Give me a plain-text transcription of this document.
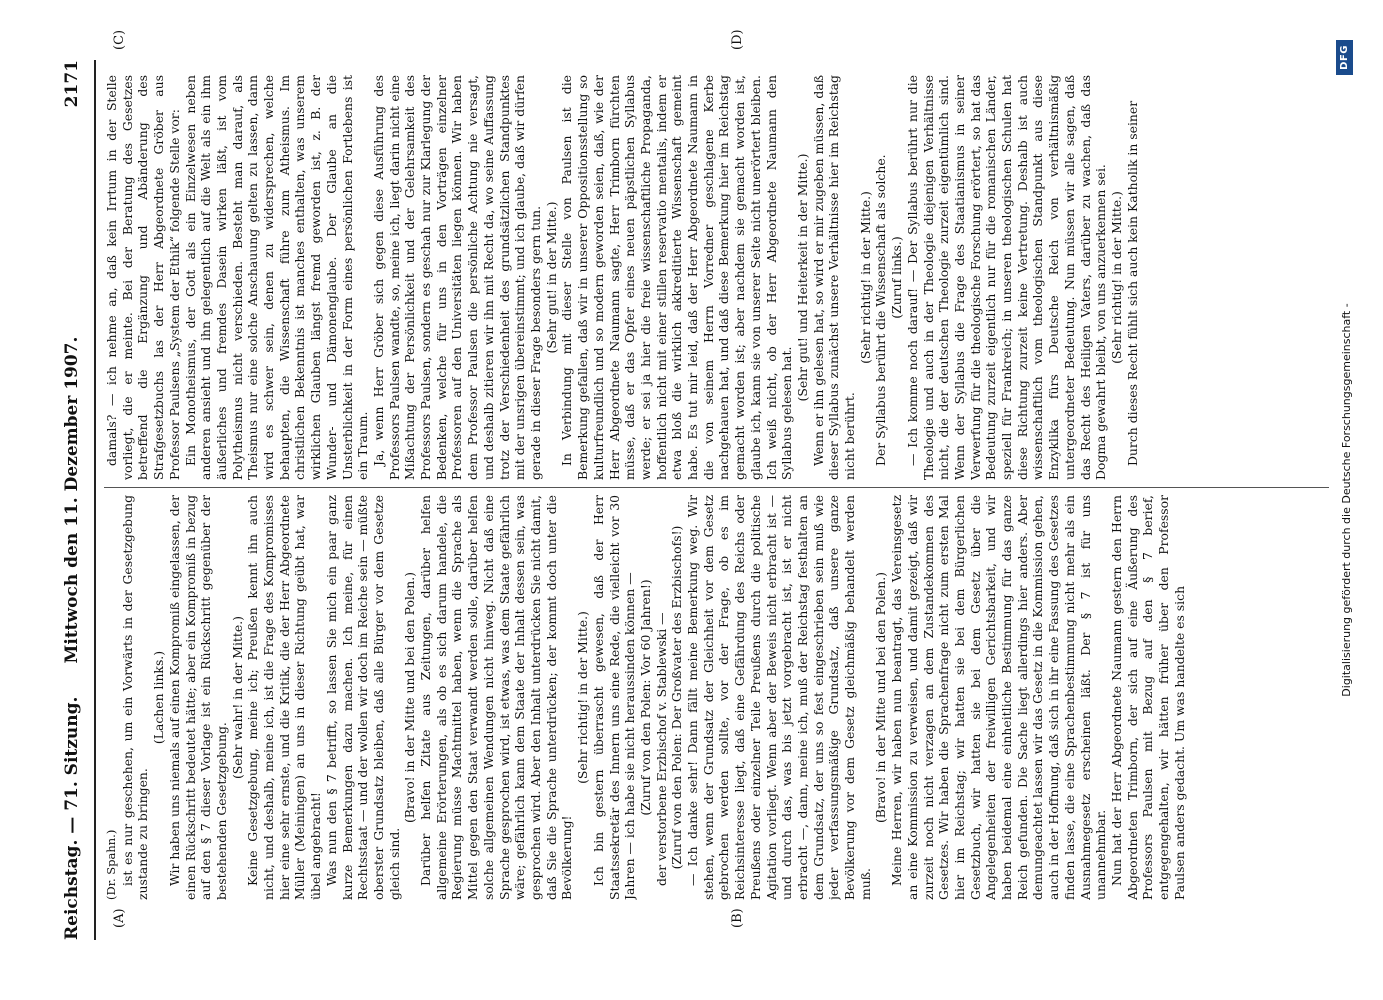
Reichstag. — 71. Sitzung.
Mittwoch den 11. Dezember 1907.
2171
(A)	(B)
(C)	(D)

(Dr. Spahn.) ist es nur geschehen, um ein Vorwärts in der Gesetzgebung zustande zu bringen.

(Lachen links.) Wir haben uns niemals auf einen Kompromiß eingelassen, der einen Rückschritt bedeutet hätte; aber ein Kompromiß in bezug auf den § 7 dieser Vorlage ist ein Rückschritt gegenüber der bestehenden Gesetzgebung.

(Sehr wahr! in der Mitte.) Keine Gesetzgebung, meine ich; Preußen kennt ihn auch nicht, und deshalb, meine ich, ist die Frage des Kompromisses hier eine sehr ernste, und die Kritik, die der Herr Abgeordnete Müller (Meiningen) an uns in dieser Richtung geübt hat, war übel angebracht! Was nun den § 7 betrifft, so lassen Sie mich ein paar ganz kurze Bemerkungen dazu machen. Ich meine, für einen Rechtsstaat — und der wollen wir doch im Reiche sein — müßte oberster Grundsatz bleiben, daß alle Bürger vor dem Gesetze gleich sind.

(Bravo! in der Mitte und bei den Polen.) Darüber helfen Zitate aus Zeitungen, darüber helfen allgemeine Erörterungen, als ob es sich darum handele, die Regierung müsse Machtmittel haben, wenn die Sprache als Mittel gegen den Staat verwandt werden solle, darüber helfen solche allgemeinen Wendungen nicht hinweg. Nicht daß eine Sprache gesprochen wird, ist etwas, was dem Staate gefährlich wäre; gefährlich kann dem Staate der Inhalt dessen sein, was gesprochen wird. Aber den Inhalt unterdrücken Sie nicht damit, daß Sie die Sprache unterdrücken; der kommt doch unter die Bevölkerung!

(Sehr richtig! in der Mitte.) Ich bin gestern überrascht gewesen, daß der Herr Staatssekretär des Innern uns eine Rede, die vielleicht vor 30 Jahren — ich habe sie nicht heraussinden können — (Zuruf von den Polen: Vor 60 Jahren!) der verstorbene Erzbischof v. Stablewski — (Zuruf von den Polen: Der Großvater des Erzbischofs!) — Ich danke sehr! Dann fällt meine Bemerkung weg. Wir stehen, wenn der Grundsatz der Gleichheit vor dem Gesetz gebrochen werden sollte, vor der Frage, ob es im Reichsinteresse liegt, daß eine Gefährdung des Reichs oder Preußens oder einzelner Teile Preußens durch die politische Agitation vorliegt. Wenn aber der Beweis nicht erbracht ist — und durch das, was bis jetzt vorgebracht ist, ist er nicht erbracht —, dann, meine ich, muß der Reichstag festhalten an dem Grundsatz, der uns so fest eingeschrieben sein muß wie jeder verfassungsmäßige Grundsatz, daß unsere ganze Bevölkerung vor dem Gesetz gleichmäßig behandelt werden muß.

(Bravo! in der Mitte und bei den Polen.) Meine Herren, wir haben nun beantragt, das Vereinsgesetz an eine Kommission zu verweisen, und damit gezeigt, daß wir zurzeit noch nicht verzagen an dem Zustandekommen des Gesetzes. Wir haben die Sprachenfrage nicht zum ersten Mal hier im Reichstag; wir hatten sie bei dem Bürgerlichen Gesetzbuch, wir hatten sie bei dem Gesetz über die Angelegenheiten der freiwilligen Gerichtsbarkeit, und wir haben beidemal eine einheitliche Bestimmung für das ganze Reich gefunden. Die Sache liegt allerdings hier anders. Aber demungeachtet lassen wir das Gesetz in die Kommission gehen, auch in der Hoffnung, daß sich in ihr eine Fassung des Gesetzes finden lasse, die eine Sprachenbestimmung nicht mehr als ein Ausnahmegesetz erscheinen läßt. Der § 7 ist für uns unannehmbar. Nun hat der Herr Abgeordnete Naumann gestern den Herrn Abgeordneten Trimborn, der sich auf eine Äußerung des Professors Paulsen mit Bezug auf den § 7 berief, entgegengehalten, wir hätten früher über den Professor Paulsen anders gedacht. Um was handelte es sich

damals? — ich nehme an, daß kein Irrtum in der Stelle vorliegt, die er meinte. Bei der Beratung des Gesetzes betreffend die Ergänzung und Abänderung des Strafgesetzbuchs las der Herr Abgeordnete Gröber aus Professor Paulsens „System der Ethik“ folgende Stelle vor: Ein Monotheismus, der Gott als ein Einzelwesen neben anderen ansieht und ihn gelegentlich auf die Welt als ein ihm äußerliches und fremdes Dasein wirken läßt, ist vom Polytheismus nicht verschieden. Besteht man darauf, als Theismus nur eine solche Anschauung gelten zu lassen, dann wird es schwer sein, denen zu widersprechen, welche behaupten, die Wissenschaft führe zum Atheismus. Im christlichen Bekenntnis ist manches enthalten, was unserem wirklichen Glauben längst fremd geworden ist, z. B. der Wunder- und Dämonenglaube. Der Glaube an die Unsterblichkeit in der Form eines persönlichen Fortlebens ist ein Traum. Ja, wenn Herr Gröber sich gegen diese Ausführung des Professors Paulsen wandte, so, meine ich, liegt darin nicht eine Mißachtung der Persönlichkeit und der Gelehrsamkeit des Professors Paulsen, sondern es geschah nur zur Klarlegung der Bedenken, welche für uns in den Vorträgen einzelner Professoren auf den Universitäten liegen können. Wir haben dem Professor Paulsen die persönliche Achtung nie versagt, und deshalb zitieren wir ihn mit Recht da, wo seine Auffassung trotz der Verschiedenheit des grundsätzlichen Standpunktes mit der unsrigen übereinstimmt; und ich glaube, daß wir dürfen gerade in dieser Frage besonders gern tun. (Sehr gut! in der Mitte.) In Verbindung mit dieser Stelle von Paulsen ist die Bemerkung gefallen, daß wir in unserer Oppositionsstellung so kulturfreundlich und so modern geworden seien, daß, wie der Herr Abgeordnete Naumann sagte, Herr Trimborn fürchten müsse, daß er das Opfer eines neuen päpstlichen Syllabus werde; er sei ja hier die freie wissenschaftliche Propaganda, hoffentlich nicht mit einer stillen reservatio mentalis, indem er etwa bloß die wirklich akkreditierte Wissenschaft gemeint habe. Es tut mir leid, daß der Herr Abgeordnete Naumann in die von seinem Herrn Vorredner geschlagene Kerbe nachgehauen hat, und daß diese Bemerkung hier im Reichstag gemacht worden ist; aber nachdem sie gemacht worden ist, glaube ich, kann sie von unserer Seite nicht unerörtert bleiben. Ich weiß nicht, ob der Herr Abgeordnete Naumann den Syllabus gelesen hat.

(Sehr gut! und Heiterkeit in der Mitte.) Wenn er ihn gelesen hat, so wird er mir zugeben müssen, daß dieser Syllabus zunächst unsere Verhältnisse hier im Reichstag nicht berührt.

(Sehr richtig! in der Mitte.) Der Syllabus berührt die Wissenschaft als solche. (Zuruf links.) — Ich komme noch darauf! — Der Syllabus berührt nur die Theologie und auch in der Theologie diejenigen Verhältnisse nicht, die der deutschen Theologie zurzeit eigentümlich sind. Wenn der Syllabus die Frage des Staatianismus in seiner Verwerfung für die theologische Forschung erörtert, so hat das Bedeutung zurzeit eigentlich nur für die romanischen Länder, speziell für Frankreich; in unseren theologischen Schulen hat diese Richtung zurzeit keine Vertretung. Deshalb ist auch wissenschaftlich vom theologischen Standpunkt aus diese Enzyklika fürs Deutsche Reich von verhältnismäßig untergeordneter Bedeutung. Nun müssen wir alle sagen, daß das Recht des Heiligen Vaters, darüber zu wachen, daß das Dogma gewahrt bleibt, von uns anzuerkennen sei. (Sehr richtig! in der Mitte.) Durch dieses Recht fühlt sich auch kein Katholik in seiner

Digitalisierung gefördert durch die Deutsche Forschungsgemeinschaft -
DFG
